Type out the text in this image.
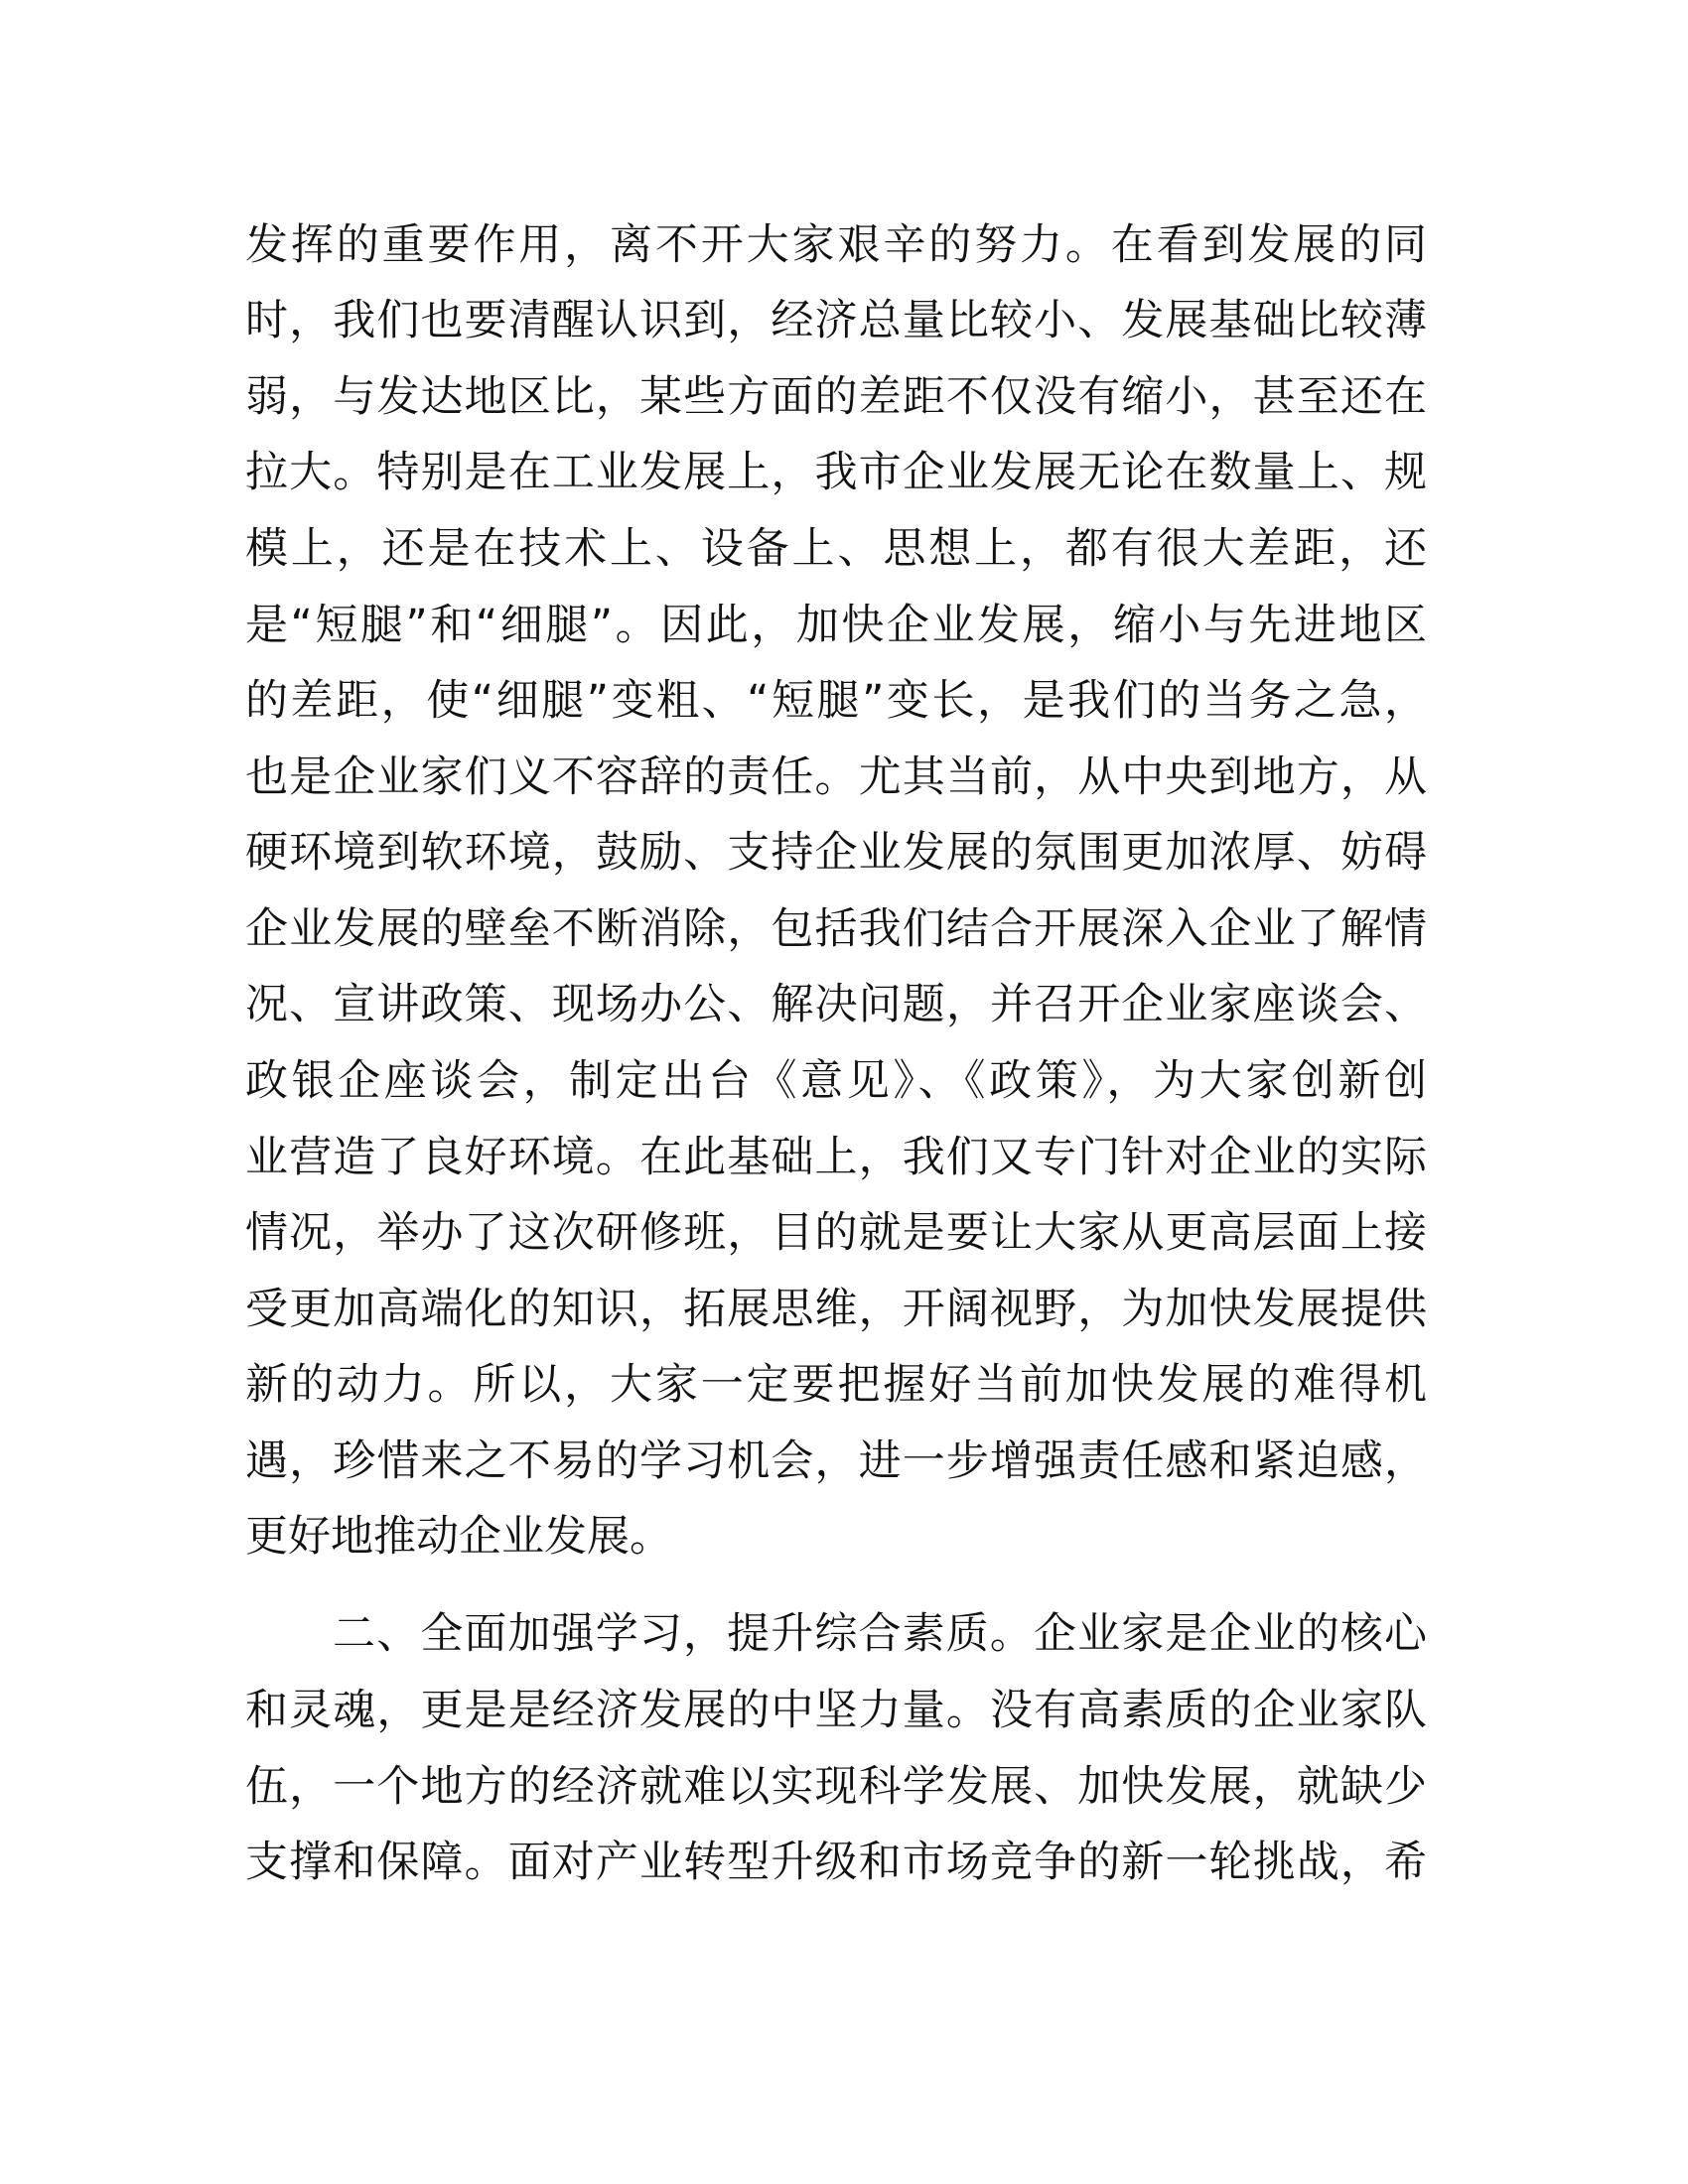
发挥的重要作用，离不开大家艰辛的努力。在看到发展的同
时，我们也要清醒认识到，经济总量比较小、发展基础比较薄
弱，与发达地区比，某些方面的差距不仅没有缩小，甚至还在
拉大。特别是在工业发展上，我市企业发展无论在数量上、规
模上，还是在技术上、设备上、思想上，都有很大差距，还
是“短腿”和“细腿”。因此，加快企业发展，缩小与先进地区
的差距，使“细腿”变粗、“短腿”变长，是我们的当务之急，
也是企业家们义不容辞的责任。尤其当前，从中央到地方，从
硬环境到软环境，鼓励、支持企业发展的氛围更加浓厚、妨碍
企业发展的壁垒不断消除，包括我们结合开展深入企业了解情
况、宣讲政策、现场办公、解决问题，并召开企业家座谈会、
政银企座谈会，制定出台《意见》、《政策》，为大家创新创
业营造了良好环境。在此基础上，我们又专门针对企业的实际
情况，举办了这次研修班，目的就是要让大家从更高层面上接
受更加高端化的知识，拓展思维，开阔视野，为加快发展提供
新的动力。所以，大家一定要把握好当前加快发展的难得机
遇，珍惜来之不易的学习机会，进一步增强责任感和紧迫感，
更好地推动企业发展。
二、全面加强学习，提升综合素质。企业家是企业的核心
和灵魂，更是是经济发展的中坚力量。没有高素质的企业家队
伍，一个地方的经济就难以实现科学发展、加快发展，就缺少
支撑和保障。面对产业转型升级和市场竞争的新一轮挑战，希
